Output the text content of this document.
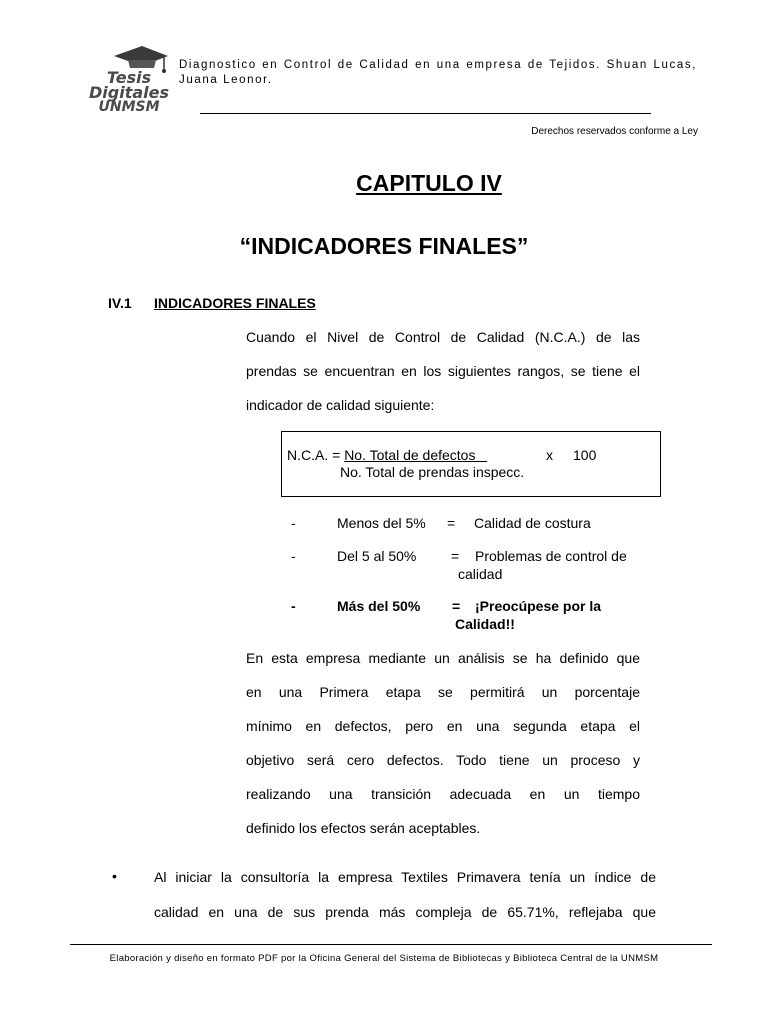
Tesis
Digitales
UNMSM
Diagnostico en Control de Calidad en una empresa de Tejidos. Shuan Lucas, Juana Leonor.
Derechos reservados conforme a Ley
CAPITULO IV
“INDICADORES FINALES”
IV.1 INDICADORES FINALES
Cuando el Nivel de Control de Calidad (N.C.A.) de las
prendas se encuentran en los siguientes rangos, se tiene el
indicador de calidad siguiente:
N.C.A. = No. Total de defectos	x 100
No. Total de prendas inspecc.
-	Menos del 5% = Calidad de costura
-	Del 5 al 50% = Problemas de control de
calidad
-	Más del 50% = ¡Preocúpese por la
Calidad!!
En esta empresa mediante un análisis se ha definido que
en una Primera etapa se permitirá un porcentaje
mínimo en defectos, pero en una segunda etapa el
objetivo será cero defectos. Todo tiene un proceso y
realizando una transición adecuada en un tiempo
definido los efectos serán aceptables.
•	Al iniciar la consultoría la empresa Textiles Primavera tenía un índice de
calidad en una de sus prenda más compleja de 65.71%, reflejaba que
Elaboración y diseño en formato PDF por la Oficina General del Sistema de Bibliotecas y Biblioteca Central de la UNMSM
